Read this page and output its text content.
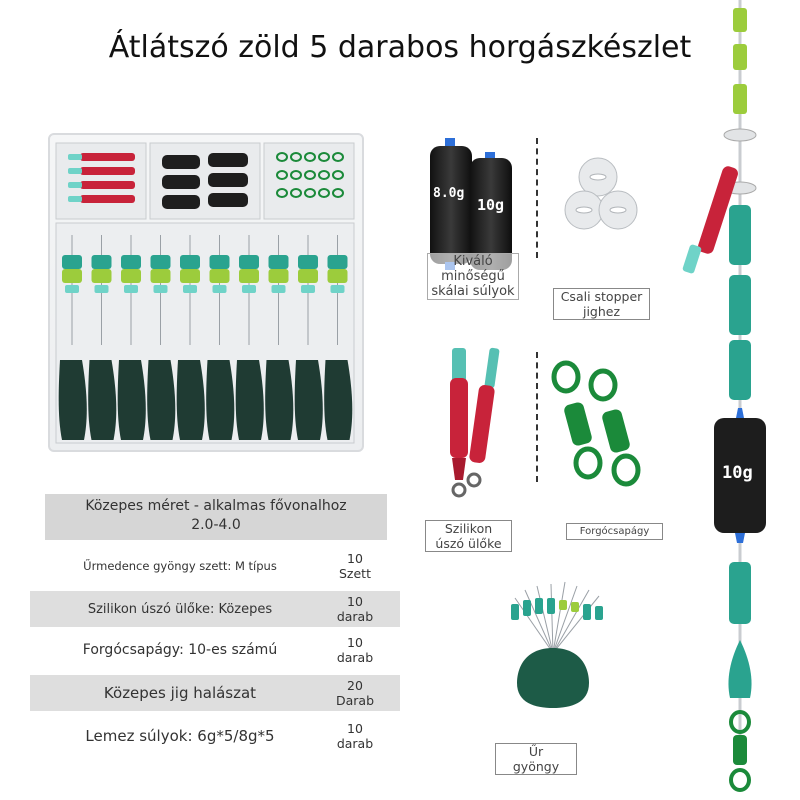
Átlátszó zöld 5 darabos horgászkészlet
Közepes méret - alkalmas fővonalhoz
2.0-4.0
Űrmedence gyöngy szett: M típus	10
Szett
Szilikon úszó ülőke: Közepes	10
darab
Forgócsapágy: 10-es számú	10
darab
Közepes jig halászat	20
Darab
Lemez súlyok: 6g*5/8g*5	10
darab
8.0g
10g
Kiváló
minőségű
skálai súlyok	Csali stopper
jighez
Szilikon
úszó ülőke
Forgócsapágy
Űr
gyöngy
10g
